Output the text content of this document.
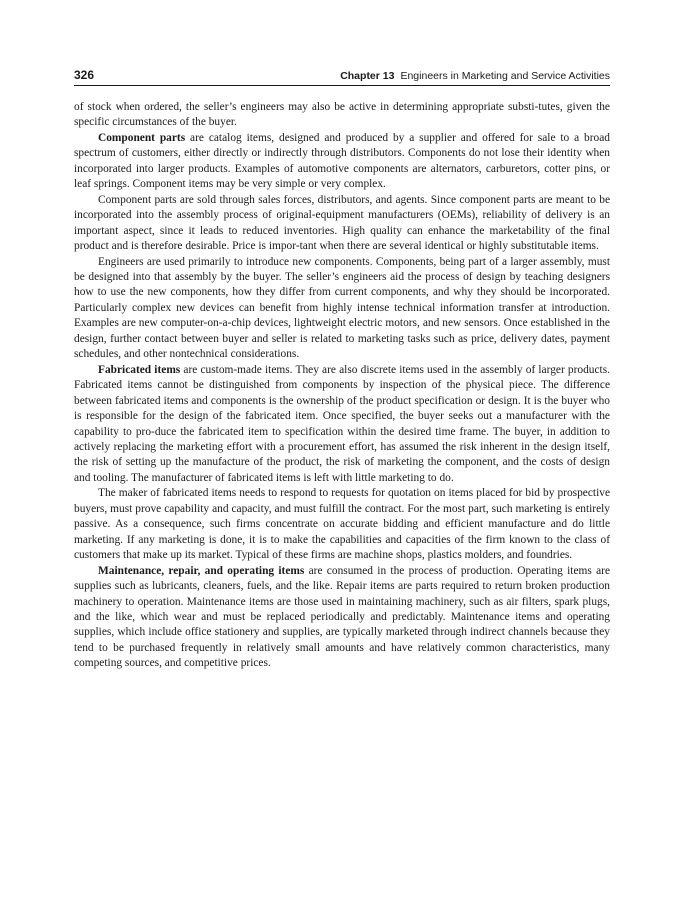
326	Chapter 13 Engineers in Marketing and Service Activities

of stock when ordered, the seller’s engineers may also be active in determining appropriate substi-tutes, given the specific circumstances of the buyer.

Component parts are catalog items, designed and produced by a supplier and offered for sale to a broad spectrum of customers, either directly or indirectly through distributors. Components do not lose their identity when incorporated into larger products. Examples of automotive components are alternators, carburetors, cotter pins, or leaf springs. Component items may be very simple or very complex.

Component parts are sold through sales forces, distributors, and agents. Since component parts are meant to be incorporated into the assembly process of original-equipment manufacturers (OEMs), reliability of delivery is an important aspect, since it leads to reduced inventories. High quality can enhance the marketability of the final product and is therefore desirable. Price is impor-tant when there are several identical or highly substitutable items.

Engineers are used primarily to introduce new components. Components, being part of a larger assembly, must be designed into that assembly by the buyer. The seller’s engineers aid the process of design by teaching designers how to use the new components, how they differ from current components, and why they should be incorporated. Particularly complex new devices can benefit from highly intense technical information transfer at introduction. Examples are new computer-on-a-chip devices, lightweight electric motors, and new sensors. Once established in the design, further contact between buyer and seller is related to marketing tasks such as price, delivery dates, payment schedules, and other nontechnical considerations.

Fabricated items are custom-made items. They are also discrete items used in the assembly of larger products. Fabricated items cannot be distinguished from components by inspection of the physical piece. The difference between fabricated items and components is the ownership of the product specification or design. It is the buyer who is responsible for the design of the fabricated item. Once specified, the buyer seeks out a manufacturer with the capability to pro-duce the fabricated item to specification within the desired time frame. The buyer, in addition to actively replacing the marketing effort with a procurement effort, has assumed the risk inherent in the design itself, the risk of setting up the manufacture of the product, the risk of marketing the component, and the costs of design and tooling. The manufacturer of fabricated items is left with little marketing to do.

The maker of fabricated items needs to respond to requests for quotation on items placed for bid by prospective buyers, must prove capability and capacity, and must fulfill the contract. For the most part, such marketing is entirely passive. As a consequence, such firms concentrate on accurate bidding and efficient manufacture and do little marketing. If any marketing is done, it is to make the capabilities and capacities of the firm known to the class of customers that make up its market. Typical of these firms are machine shops, plastics molders, and foundries.

Maintenance, repair, and operating items are consumed in the process of production. Operating items are supplies such as lubricants, cleaners, fuels, and the like. Repair items are parts required to return broken production machinery to operation. Maintenance items are those used in maintaining machinery, such as air filters, spark plugs, and the like, which wear and must be replaced periodically and predictably. Maintenance items and operating supplies, which include office stationery and supplies, are typically marketed through indirect channels because they tend to be purchased frequently in relatively small amounts and have relatively common characteristics, many competing sources, and competitive prices.
